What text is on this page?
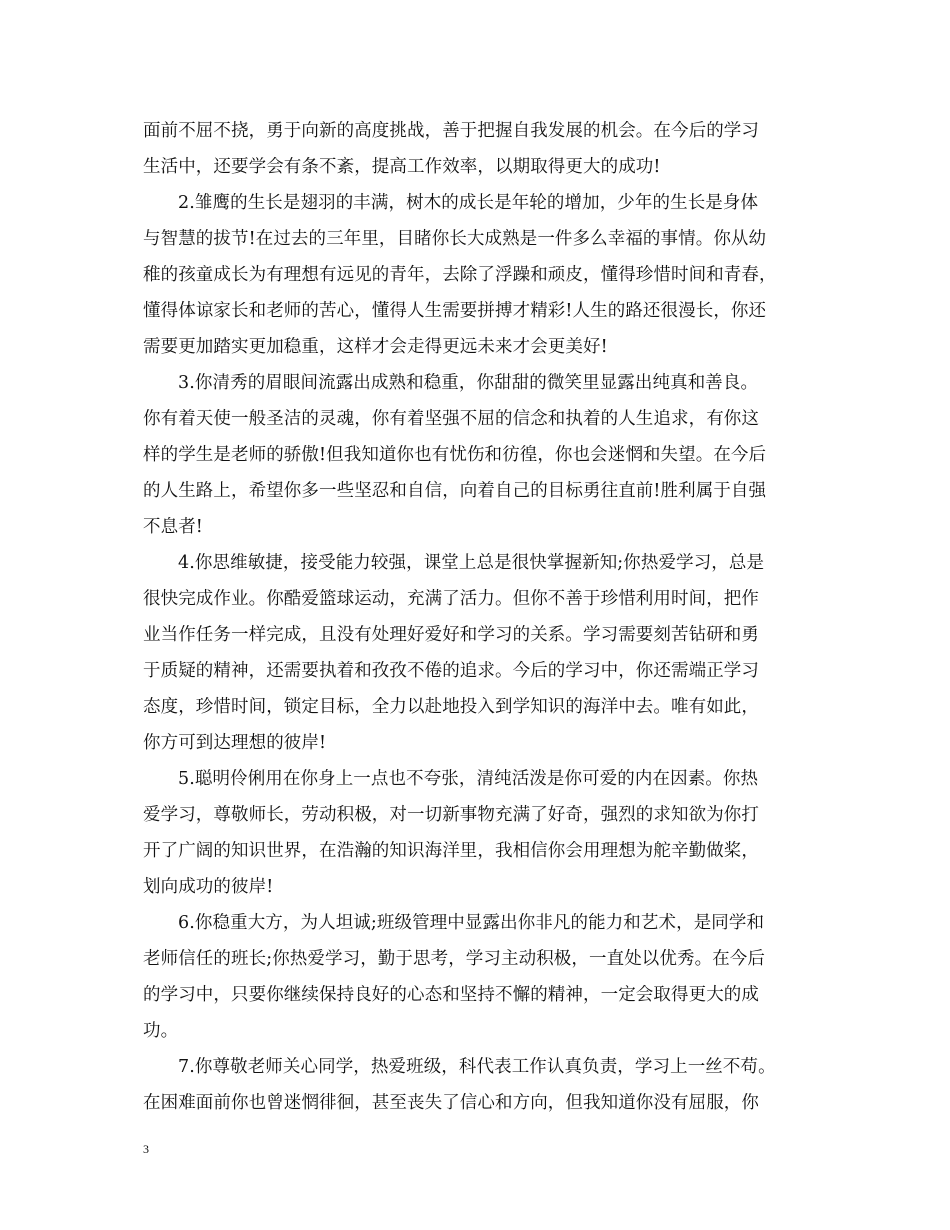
面前不屈不挠，勇于向新的高度挑战，善于把握自我发展的机会。在今后的学习
生活中，还要学会有条不紊，提高工作效率，以期取得更大的成功!
2.雏鹰的生长是翅羽的丰满，树木的成长是年轮的增加，少年的生长是身体
与智慧的拔节!在过去的三年里，目睹你长大成熟是一件多么幸福的事情。你从幼
稚的孩童成长为有理想有远见的青年，去除了浮躁和顽皮，懂得珍惜时间和青春，
懂得体谅家长和老师的苦心，懂得人生需要拼搏才精彩!人生的路还很漫长，你还
需要更加踏实更加稳重，这样才会走得更远未来才会更美好!
3.你清秀的眉眼间流露出成熟和稳重，你甜甜的微笑里显露出纯真和善良。
你有着天使一般圣洁的灵魂，你有着坚强不屈的信念和执着的人生追求，有你这
样的学生是老师的骄傲!但我知道你也有忧伤和彷徨，你也会迷惘和失望。在今后
的人生路上，希望你多一些坚忍和自信，向着自己的目标勇往直前!胜利属于自强
不息者!
4.你思维敏捷，接受能力较强，课堂上总是很快掌握新知;你热爱学习，总是
很快完成作业。你酷爱篮球运动，充满了活力。但你不善于珍惜利用时间，把作
业当作任务一样完成，且没有处理好爱好和学习的关系。学习需要刻苦钻研和勇
于质疑的精神，还需要执着和孜孜不倦的追求。今后的学习中，你还需端正学习
态度，珍惜时间，锁定目标，全力以赴地投入到学知识的海洋中去。唯有如此，
你方可到达理想的彼岸!
5.聪明伶俐用在你身上一点也不夸张，清纯活泼是你可爱的内在因素。你热
爱学习，尊敬师长，劳动积极，对一切新事物充满了好奇，强烈的求知欲为你打
开了广阔的知识世界，在浩瀚的知识海洋里，我相信你会用理想为舵辛勤做桨，
划向成功的彼岸!
6.你稳重大方，为人坦诚;班级管理中显露出你非凡的能力和艺术，是同学和
老师信任的班长;你热爱学习，勤于思考，学习主动积极，一直处以优秀。在今后
的学习中，只要你继续保持良好的心态和坚持不懈的精神，一定会取得更大的成
功。
7.你尊敬老师关心同学，热爱班级，科代表工作认真负责，学习上一丝不苟。
在困难面前你也曾迷惘徘徊，甚至丧失了信心和方向，但我知道你没有屈服，你
3
